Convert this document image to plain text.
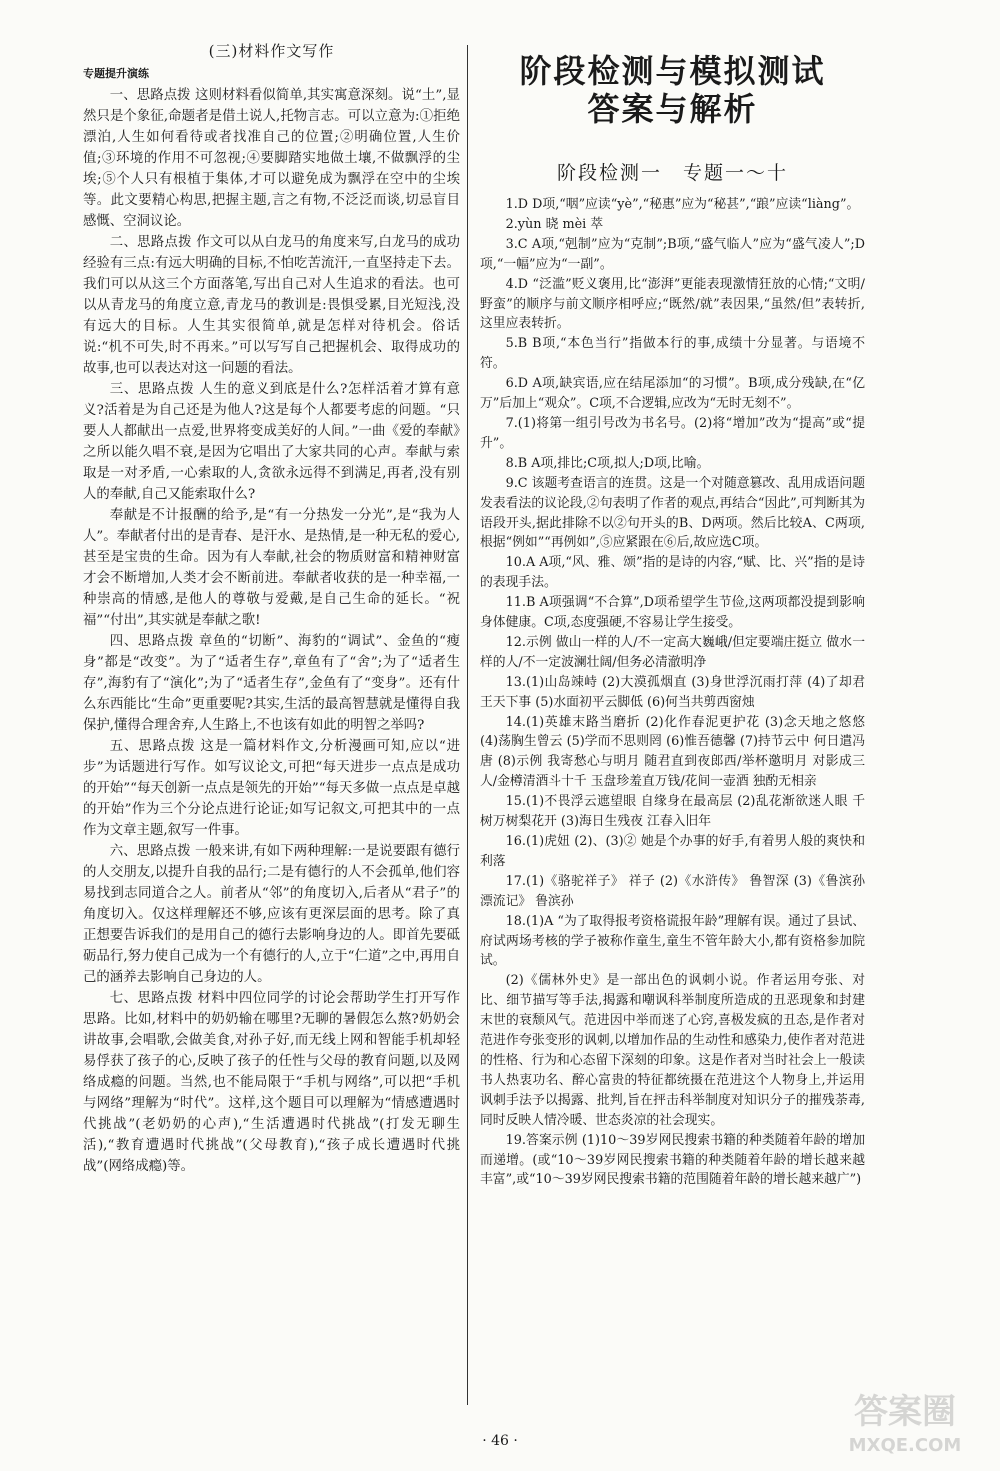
(三)材料作文写作
专题提升演练

一、思路点拨 这则材料看似简单,其实寓意深刻。说“土”,显然只是个象征,命题者是借土说人,托物言志。可以立意为:①拒绝漂泊,人生如何看待或者找准自己的位置;②明确位置,人生价值;③环境的作用不可忽视;④要脚踏实地做土壤,不做飘浮的尘埃;⑤个人只有根植于集体,才可以避免成为飘浮在空中的尘埃等。此文要精心构思,把握主题,言之有物,不泛泛而谈,切忌盲目感慨、空洞议论。

二、思路点拨 作文可以从白龙马的角度来写,白龙马的成功经验有三点:有远大明确的目标,不怕吃苦流汗,一直坚持走下去。我们可以从这三个方面落笔,写出自己对人生追求的看法。也可以从青龙马的角度立意,青龙马的教训是:畏惧受累,目光短浅,没有远大的目标。人生其实很简单,就是怎样对待机会。俗话说:“机不可失,时不再来。”可以写写自己把握机会、取得成功的故事,也可以表达对这一问题的看法。

三、思路点拨 人生的意义到底是什么?怎样活着才算有意义?活着是为自己还是为他人?这是每个人都要考虑的问题。“只要人人都献出一点爱,世界将变成美好的人间。”一曲《爱的奉献》之所以能久唱不衰,是因为它唱出了大家共同的心声。奉献与索取是一对矛盾,一心索取的人,贪欲永远得不到满足,再者,没有别人的奉献,自己又能索取什么?

奉献是不计报酬的给予,是“有一分热发一分光”,是“我为人人”。奉献者付出的是青春、是汗水、是热情,是一种无私的爱心,甚至是宝贵的生命。因为有人奉献,社会的物质财富和精神财富才会不断增加,人类才会不断前进。奉献者收获的是一种幸福,一种崇高的情感,是他人的尊敬与爱戴,是自己生命的延长。“祝福”“付出”,其实就是奉献之歌!

四、思路点拨 章鱼的“切断”、海豹的“调试”、金鱼的“瘦身”都是“改变”。为了“适者生存”,章鱼有了“舍”;为了“适者生存”,海豹有了“演化”;为了“适者生存”,金鱼有了“变身”。还有什么东西能比“生命”更重要呢?其实,生活的最高智慧就是懂得自我保护,懂得合理舍弃,人生路上,不也该有如此的明智之举吗?

五、思路点拨 这是一篇材料作文,分析漫画可知,应以“进步”为话题进行写作。如写议论文,可把“每天进步一点点是成功的开始”“每天创新一点点是领先的开始”“每天多做一点点是卓越的开始”作为三个分论点进行论证;如写记叙文,可把其中的一点作为文章主题,叙写一件事。

六、思路点拨 一般来讲,有如下两种理解:一是说要跟有德行的人交朋友,以提升自我的品行;二是有德行的人不会孤单,他们容易找到志同道合之人。前者从“邻”的角度切入,后者从“君子”的角度切入。仅这样理解还不够,应该有更深层面的思考。除了真正想要告诉我们的是用自己的德行去影响身边的人。即首先要砥砺品行,努力使自己成为一个有德行的人,立于“仁道”之中,再用自己的涵养去影响自己身边的人。

七、思路点拨 材料中四位同学的讨论会帮助学生打开写作思路。比如,材料中的奶奶输在哪里?无聊的暑假怎么熬?奶奶会讲故事,会唱歌,会做美食,对孙子好,而无线上网和智能手机却轻易俘获了孩子的心,反映了孩子的任性与父母的教育问题,以及网络成瘾的问题。当然,也不能局限于“手机与网络”,可以把“手机与网络”理解为“时代”。这样,这个题目可以理解为“情感遭遇时代挑战”(老奶奶的心声),“生活遭遇时代挑战”(打发无聊生活),“教育遭遇时代挑战”(父母教育),“孩子成长遭遇时代挑战”(网络成瘾)等。

阶段检测与模拟测试
答案与解析
阶段检测一　专题一～十

1.D D项,“咽”应读“yè”,“秘惠”应为“秘甚”,“踉”应读“liàng”。

2.yùn 晓 mèi 萃

3.C A项,“剋制”应为“克制”;B项,“盛气临人”应为“盛气凌人”;D项,“一幅”应为“一副”。

4.D “泛滥”贬义褒用,比“澎湃”更能表现激情狂放的心情;“文明/野蛮”的顺序与前文顺序相呼应;“既然/就”表因果,“虽然/但”表转折,这里应表转折。

5.B B项,“本色当行”指做本行的事,成绩十分显著。与语境不符。

6.D A项,缺宾语,应在结尾添加“的习惯”。B项,成分残缺,在“亿万”后加上“观众”。C项,不合逻辑,应改为“无时无刻不”。

7.(1)将第一组引号改为书名号。(2)将“增加”改为“提高”或“提升”。

8.B A项,排比;C项,拟人;D项,比喻。

9.C 该题考查语言的连贯。这是一个对随意篡改、乱用成语问题发表看法的议论段,②句表明了作者的观点,再结合“因此”,可判断其为语段开头,据此排除不以②句开头的B、D两项。然后比较A、C两项,根据“例如”“再例如”,⑤应紧跟在⑥后,故应选C项。

10.A A项,“风、雅、颂”指的是诗的内容,“赋、比、兴”指的是诗的表现手法。

11.B A项强调“不合算”,D项希望学生节俭,这两项都没提到影响身体健康。C项,态度强硬,不容易让学生接受。

12.示例 做山一样的人/不一定高大巍峨/但定要端庄挺立 做水一样的人/不一定波澜壮阔/但务必清澈明净

13.(1)山岛竦峙 (2)大漠孤烟直 (3)身世浮沉雨打萍 (4)了却君王天下事 (5)水面初平云脚低 (6)何当共剪西窗烛

14.(1)英雄末路当磨折 (2)化作春泥更护花 (3)念天地之悠悠 (4)荡胸生曾云 (5)学而不思则罔 (6)惟吾德馨 (7)持节云中 何日遣冯唐 (8)示例 我寄愁心与明月 随君直到夜郎西/举杯邀明月 对影成三人/金樽清酒斗十千 玉盘珍羞直万钱/花间一壶酒 独酌无相亲

15.(1)不畏浮云遮望眼 自缘身在最高层 (2)乱花渐欲迷人眼 千树万树梨花开 (3)海日生残夜 江春入旧年

16.(1)虎妞 (2)、(3)② 她是个办事的好手,有着男人般的爽快和利落

17.(1)《骆驼祥子》 祥子 (2)《水浒传》 鲁智深 (3)《鲁滨孙漂流记》 鲁滨孙

18.(1)A “为了取得报考资格谎报年龄”理解有误。通过了县试、府试两场考核的学子被称作童生,童生不管年龄大小,都有资格参加院试。

(2)《儒林外史》是一部出色的讽刺小说。作者运用夸张、对比、细节描写等手法,揭露和嘲讽科举制度所造成的丑恶现象和封建末世的衰颓风气。范进因中举而迷了心窍,喜极发疯的丑态,是作者对范进作夸张变形的讽刺,以增加作品的生动性和感染力,使作者对范进的性格、行为和心态留下深刻的印象。这是作者对当时社会上一般读书人热衷功名、醉心富贵的特征都统摄在范进这个人物身上,并运用讽刺手法予以揭露、批判,旨在抨击科举制度对知识分子的摧残荼毒,同时反映人情冷暖、世态炎凉的社会现实。

19.答案示例 (1)10～39岁网民搜索书籍的种类随着年龄的增加而递增。(或“10～39岁网民搜索书籍的种类随着年龄的增长越来越丰富”,或“10～39岁网民搜索书籍的范围随着年龄的增长越来越广”)

· 46 ·
答案圈
MXQE.COM
